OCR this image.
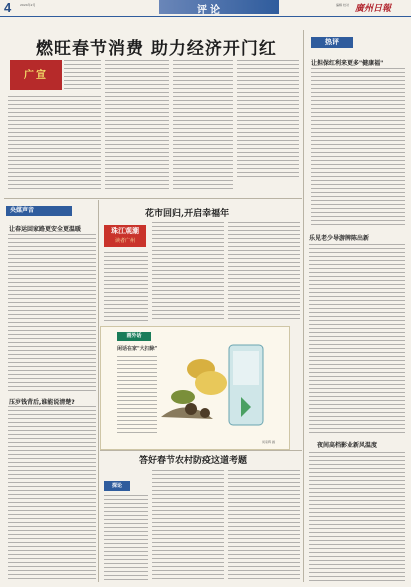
4	2024年2月	评论	编辑 校对 廣州日報
燃旺春节消费 助力经济开门红	热评
让担保红利来更多"健康福"
广宣
央媒声音
让春运回家路更安全更温暖
压岁钱背后,谁能说清楚?
花市回归,开启幸福年
珠江观潮
读者广州
画外话
闲话在家"大扫除"
何家辉 画
乐见老少导游牌陈出新
夜间高档影业新风温度
答好春节农村防疫这道考题
探论
